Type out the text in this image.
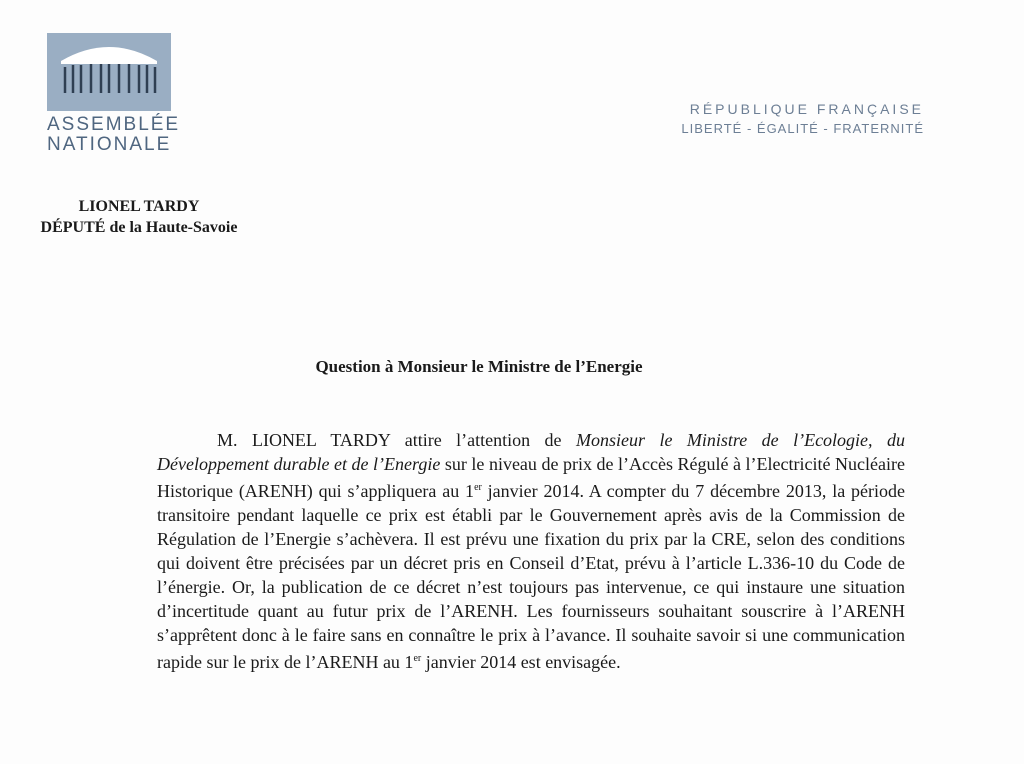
ASSEMBLÉE
NATIONALE
RÉPUBLIQUE FRANÇAISE
LIBERTÉ - ÉGALITÉ - FRATERNITÉ
LIONEL TARDY
DÉPUTÉ de la Haute-Savoie
Question à Monsieur le Ministre de l’Energie

M. LIONEL TARDY attire l’attention de Monsieur le Ministre de l’Ecologie, du Développement durable et de l’Energie sur le niveau de prix de l’Accès Régulé à l’Electricité Nucléaire Historique (ARENH) qui s’appliquera au 1er janvier 2014. A compter du 7 décembre 2013, la période transitoire pendant laquelle ce prix est établi par le Gouvernement après avis de la Commission de Régulation de l’Energie s’achèvera. Il est prévu une fixation du prix par la CRE, selon des conditions qui doivent être précisées par un décret pris en Conseil d’Etat, prévu à l’article L.336-10 du Code de l’énergie. Or, la publication de ce décret n’est toujours pas intervenue, ce qui instaure une situation d’incertitude quant au futur prix de l’ARENH. Les fournisseurs souhaitant souscrire à l’ARENH s’apprêtent donc à le faire sans en connaître le prix à l’avance. Il souhaite savoir si une communication rapide sur le prix de l’ARENH au 1er janvier 2014 est envisagée.
